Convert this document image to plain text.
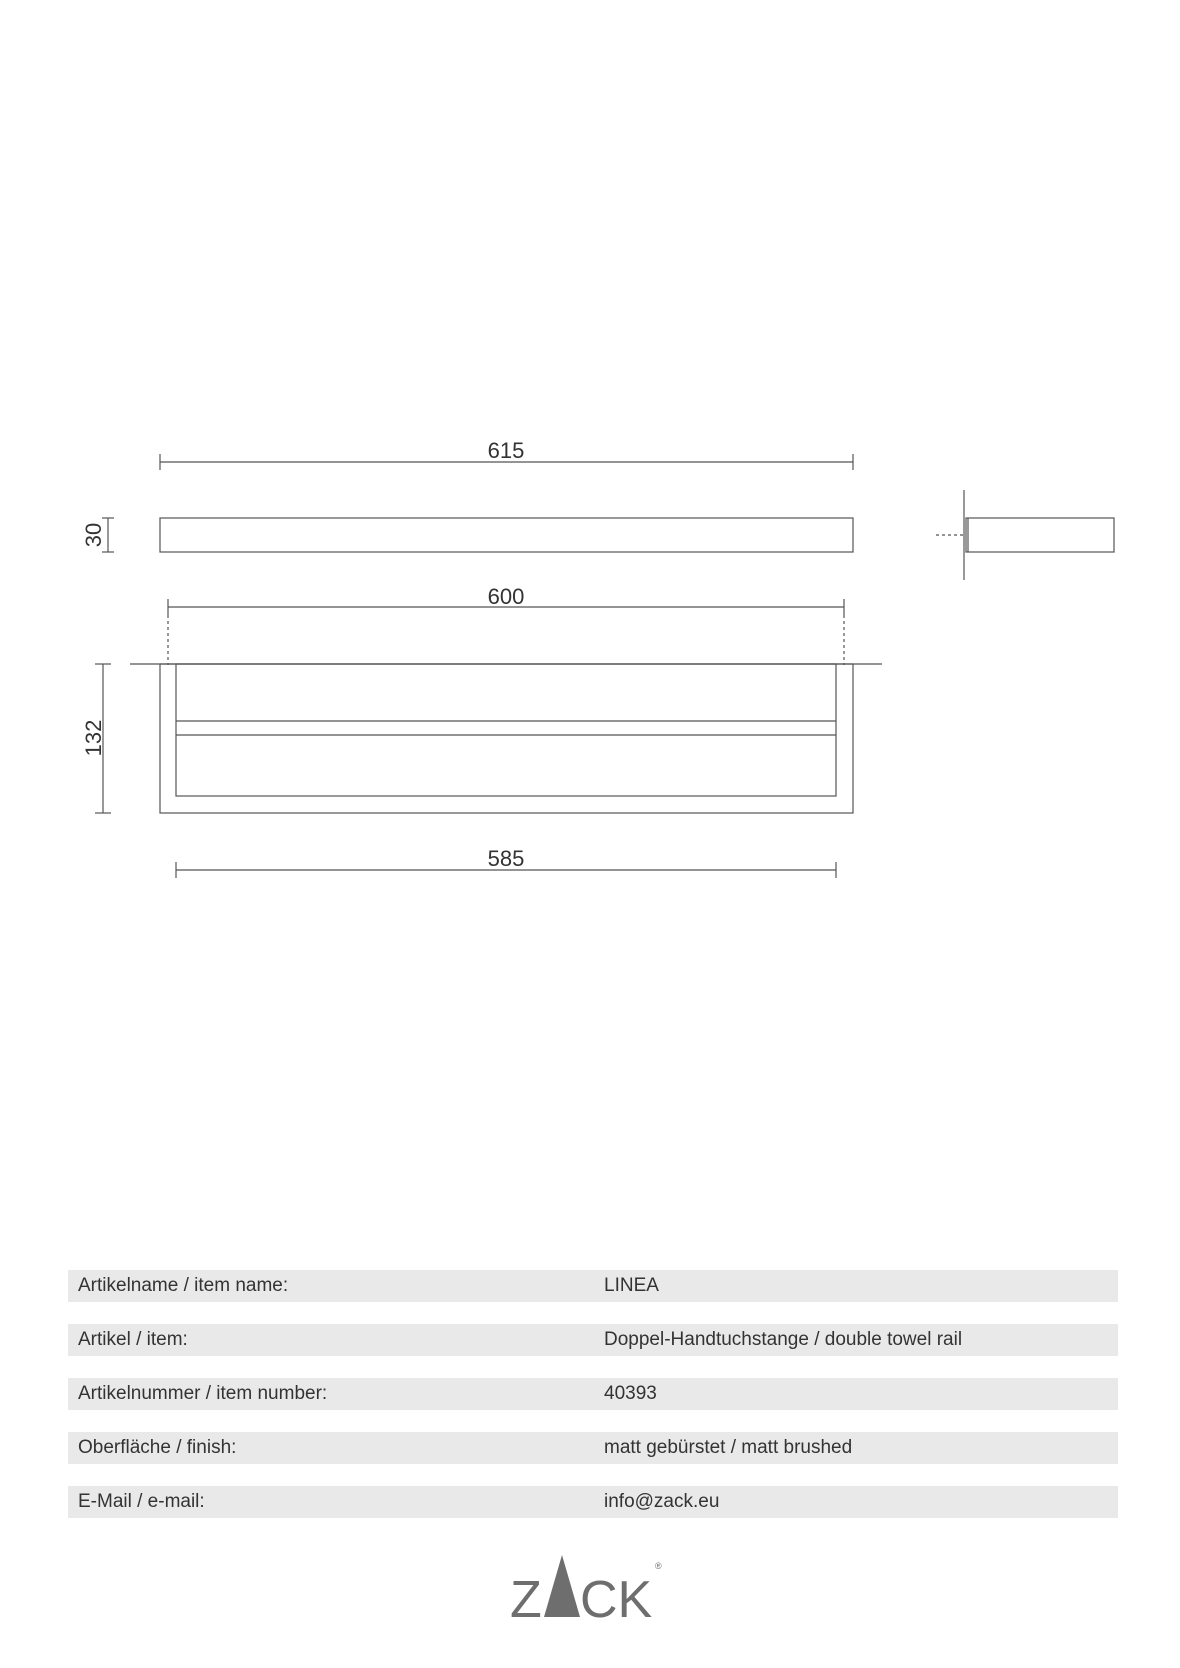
615
30
600
132
585
Artikelname / item name:	LINEA
Artikel / item:	Doppel-Handtuchstange / double towel rail
Artikelnummer / item number:	40393
Oberfläche / finish:	matt gebürstet / matt brushed
E-Mail / e-mail:	info@zack.eu
Z CK
®
